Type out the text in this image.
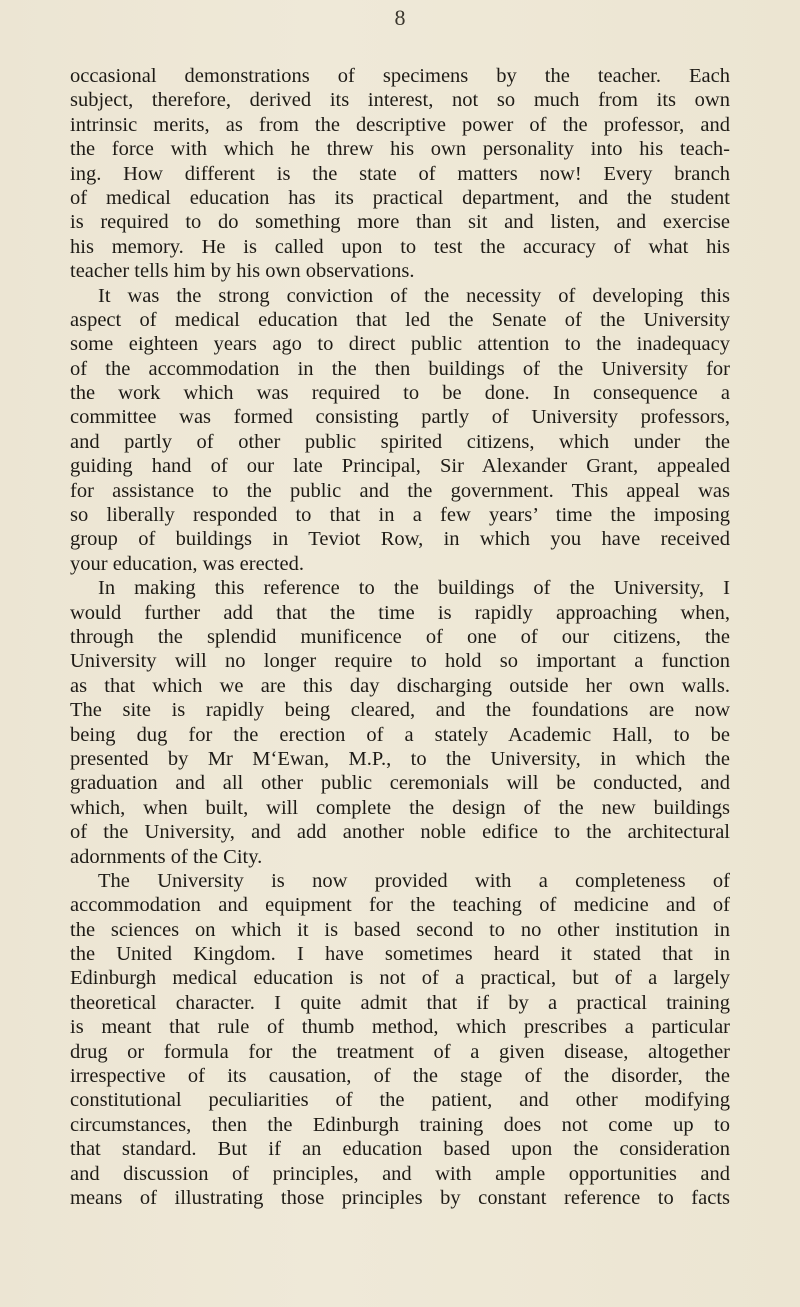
8
occasional demonstrations of specimens by the teacher. Each
subject, therefore, derived its interest, not so much from its own
intrinsic merits, as from the descriptive power of the professor, and
the force with which he threw his own personality into his teach-
ing. How different is the state of matters now! Every branch
of medical education has its practical department, and the student
is required to do something more than sit and listen, and exercise
his memory. He is called upon to test the accuracy of what his
teacher tells him by his own observations.
It was the strong conviction of the necessity of developing this
aspect of medical education that led the Senate of the University
some eighteen years ago to direct public attention to the inadequacy
of the accommodation in the then buildings of the University for
the work which was required to be done. In consequence a
committee was formed consisting partly of University professors,
and partly of other public spirited citizens, which under the
guiding hand of our late Principal, Sir Alexander Grant, appealed
for assistance to the public and the government. This appeal was
so liberally responded to that in a few years’ time the imposing
group of buildings in Teviot Row, in which you have received
your education, was erected.
In making this reference to the buildings of the University, I
would further add that the time is rapidly approaching when,
through the splendid munificence of one of our citizens, the
University will no longer require to hold so important a function
as that which we are this day discharging outside her own walls.
The site is rapidly being cleared, and the foundations are now
being dug for the erection of a stately Academic Hall, to be
presented by Mr M‘Ewan, M.P., to the University, in which the
graduation and all other public ceremonials will be conducted, and
which, when built, will complete the design of the new buildings
of the University, and add another noble edifice to the architectural
adornments of the City.
The University is now provided with a completeness of
accommodation and equipment for the teaching of medicine and of
the sciences on which it is based second to no other institution in
the United Kingdom. I have sometimes heard it stated that in
Edinburgh medical education is not of a practical, but of a largely
theoretical character. I quite admit that if by a practical training
is meant that rule of thumb method, which prescribes a particular
drug or formula for the treatment of a given disease, altogether
irrespective of its causation, of the stage of the disorder, the
constitutional peculiarities of the patient, and other modifying
circumstances, then the Edinburgh training does not come up to
that standard. But if an education based upon the consideration
and discussion of principles, and with ample opportunities and
means of illustrating those principles by constant reference to facts
